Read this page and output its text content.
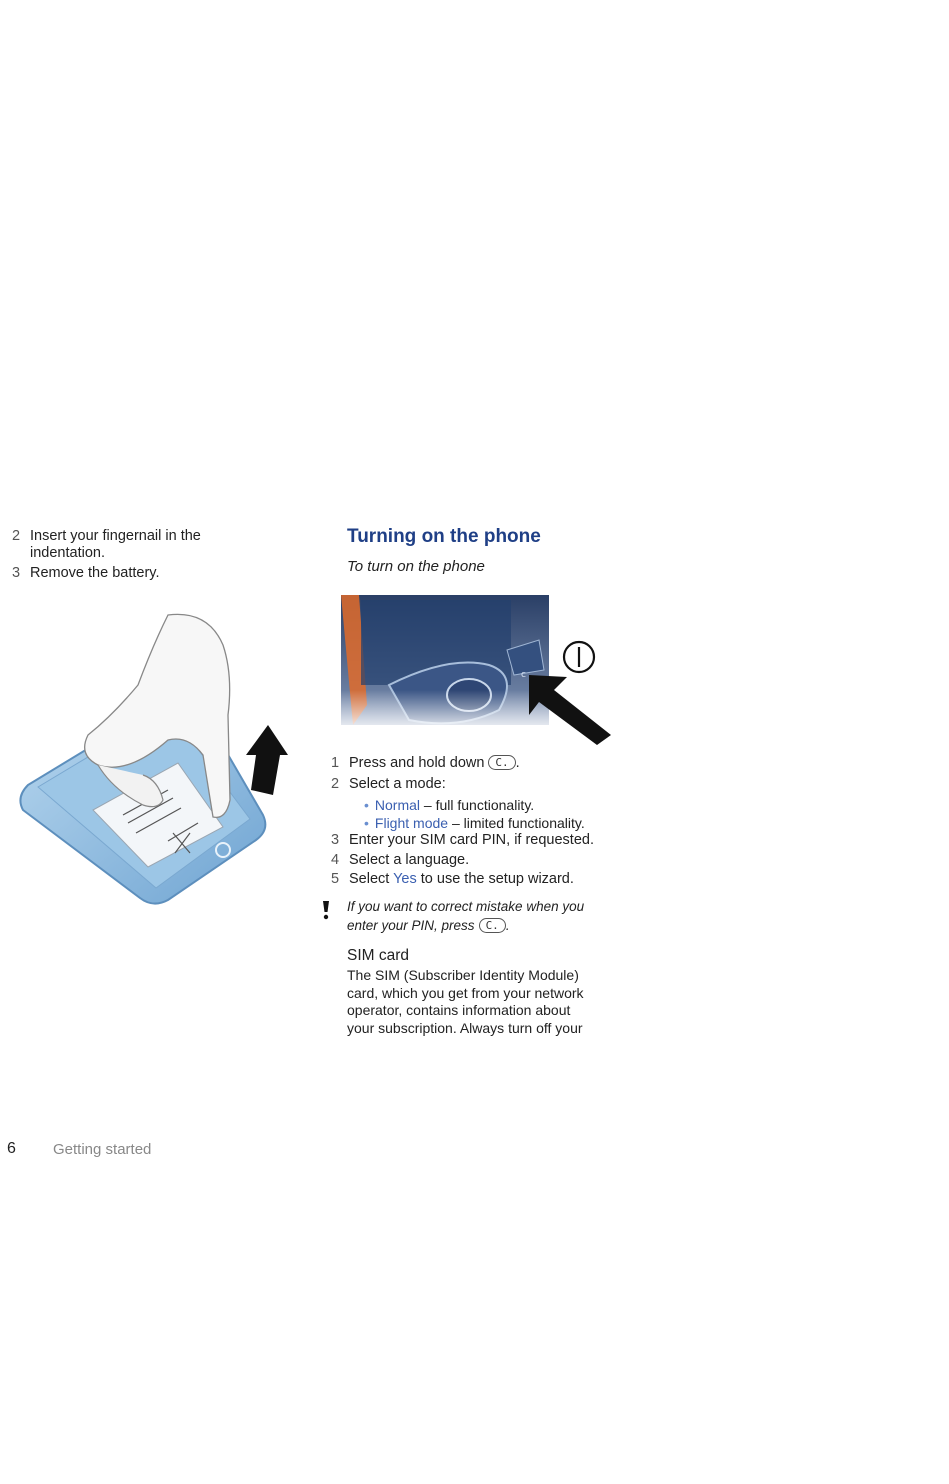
2 Insert your fingernail in the
indentation.
3 Remove the battery.
Turning on the phone
To turn on the phone
c
1 Press and hold down C. .
2 Select a mode:
• Normal – full functionality.
• Flight mode – limited functionality.
3 Enter your SIM card PIN, if requested.
4 Select a language.
5 Select Yes to use the setup wizard.
If you want to correct mistake when you
enter your PIN, press C. .
SIM card
The SIM (Subscriber Identity Module)
card, which you get from your network
operator, contains information about
your subscription. Always turn off your
6 Getting started
